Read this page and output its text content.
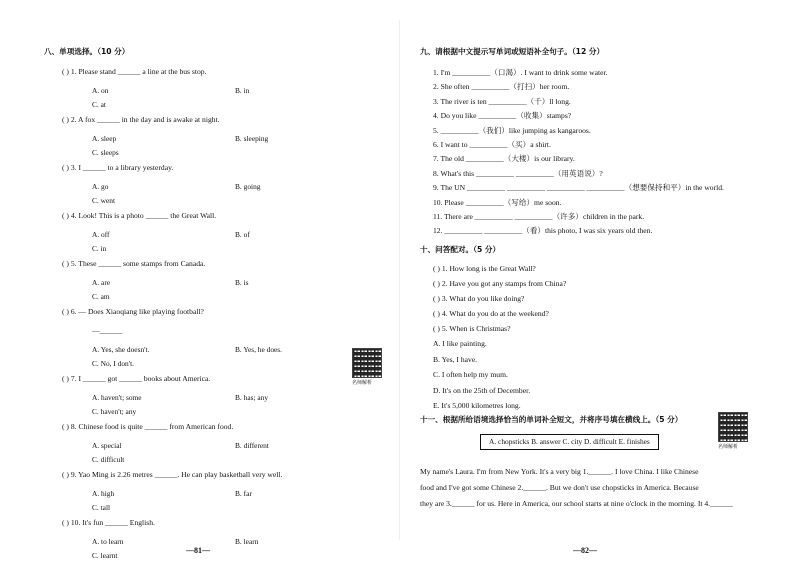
八、单项选择。（10 分）
( ) 1. Please stand ______ a line at the bus stop.
A. on	B. in
C. at
( ) 2. A fox ______ in the day and is awake at night.
A. sleep	B. sleeping
C. sleeps
( ) 3. I ______ to a library yesterday.
A. go	B. going
C. went
( ) 4. Look! This is a photo ______ the Great Wall.
A. off	B. of
C. in
( ) 5. These ______ some stamps from Canada.
A. are	B. is
C. am
( ) 6. — Does Xiaoqiang like playing football?
—______
A. Yes, she doesn't.	B. Yes, he does.
C. No, I don't.
( ) 7. I ______ got ______ books about America.
A. haven't; some	B. has; any
C. haven't; any
( ) 8. Chinese food is quite ______ from American food.
A. special	B. different
C. difficult
( ) 9. Yao Ming is 2.26 metres ______. He can play basketball very well.
A. high	B. far
C. tall
( ) 10. It's fun ______ English.
A. to learn	B. learn
C. learnt
名师解析
—81—
九、请根据中文提示写单词或短语补全句子。（12 分）
1. I'm __________（口渴）. I want to drink some water.
2. She often __________（打扫）her room.
3. The river is ten __________（千）ll long.
4. Do you like __________（收集）stamps?
5. __________（我们）like jumping as kangaroos.
6. I want to __________（买）a shirt.
7. The old __________（大楼）is our library.
8. What's this __________ __________（用英语说）?
9. The UN __________ __________ __________ __________（想要保持和平）in the world.
10. Please __________（写给）me soon.
11. There are __________ __________（许多）children in the park.
12. __________ __________（看）this photo, I was six years old then.
十、问答配对。（5 分）
( ) 1. How long is the Great Wall?
( ) 2. Have you got any stamps from China?
( ) 3. What do you like doing?
( ) 4. What do you do at the weekend?
( ) 5. When is Christmas?
A. I like painting.
B. Yes, I have.
C. I often help my mum.
D. It's on the 25th of December.
E. It's 5,000 kilometres long.
十一、根据所给语境选择恰当的单词补全短文，并将序号填在横线上。（5 分）
A. chopsticks B. answer C. city D. difficult E. finishes
名师解析
My name's Laura. I'm from New York. It's a very big 1.______. I love China. I like Chinese
food and I've got some Chinese 2.______. But we don't use chopsticks in America. Because
they are 3.______ for us. Here in America, our school starts at nine o'clock in the morning. It 4.______
—82—
